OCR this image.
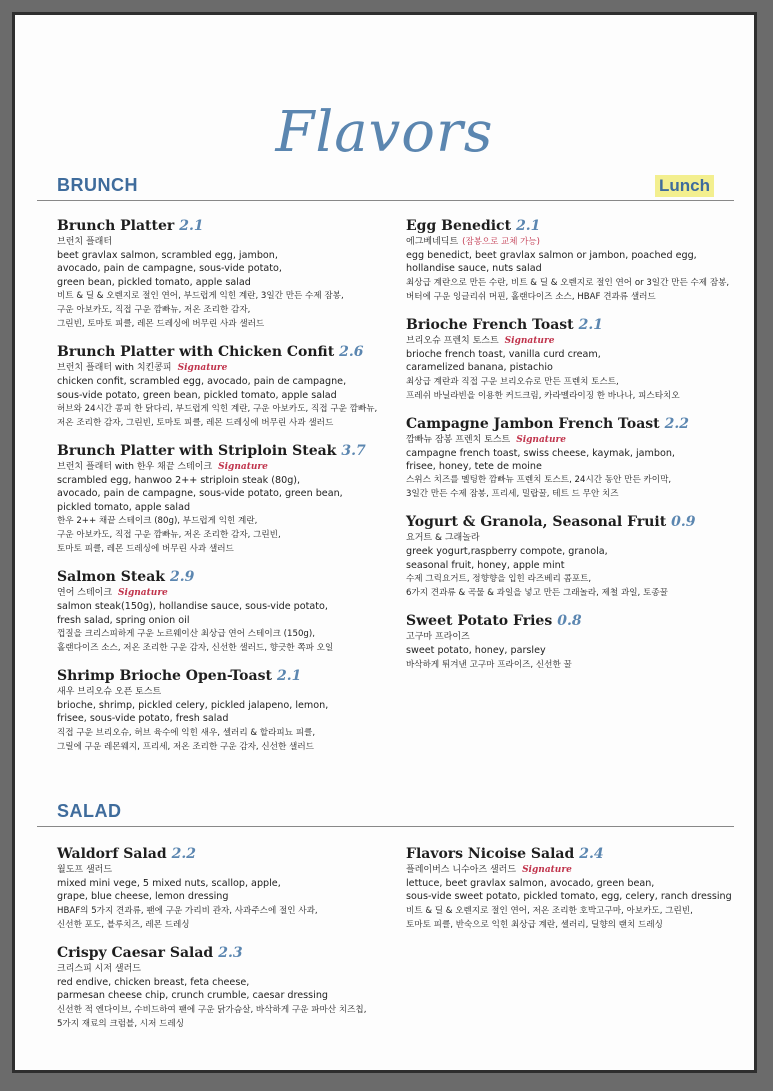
Flavors
BRUNCH	Lunch
Brunch Platter 2.1
브런치 플래터
beet gravlax salmon, scrambled egg, jambon,
avocado, pain de campagne, sous-vide potato,
green bean, pickled tomato, apple salad
비트 & 딜 & 오렌지로 절인 연어, 부드럽게 익힌 계란, 3일간 만든 수제 잠봉,
구운 아보카도, 직접 구운 깜빠뉴, 저온 조리한 감자,
그린빈, 토마토 피클, 레몬 드레싱에 버무린 사과 샐러드
Brunch Platter with Chicken Confit 2.6
브런치 플래터 with 치킨콩피 Signature
chicken confit, scrambled egg, avocado, pain de campagne,
sous-vide potato, green bean, pickled tomato, apple salad
허브와 24시간 콩피 한 닭다리, 부드럽게 익힌 계란, 구운 아보카도, 직접 구운 깜빠뉴,
저온 조리한 감자, 그린빈, 토마토 피클, 레몬 드레싱에 버무린 사과 샐러드
Brunch Platter with Striploin Steak 3.7
브런치 플래터 with 한우 채끝 스테이크 Signature
scrambled egg, hanwoo 2++ striploin steak (80g),
avocado, pain de campagne, sous-vide potato, green bean,
pickled tomato, apple salad
한우 2++ 채끝 스테이크 (80g), 부드럽게 익힌 계란,
구운 아보카도, 직접 구운 깜빠뉴, 저온 조리한 감자, 그린빈,
토마토 피클, 레몬 드레싱에 버무린 사과 샐러드
Salmon Steak 2.9
연어 스테이크 Signature
salmon steak(150g), hollandise sauce, sous-vide potato,
fresh salad, spring onion oil
껍질을 크리스피하게 구운 노르웨이산 최상급 연어 스테이크 (150g),
홀랜다이즈 소스, 저온 조리한 구운 감자, 신선한 샐러드, 향긋한 쪽파 오일
Shrimp Brioche Open-Toast 2.1
새우 브리오슈 오픈 토스트
brioche, shrimp, pickled celery, pickled jalapeno, lemon,
frisee, sous-vide potato, fresh salad
직접 구운 브리오슈, 허브 육수에 익힌 새우, 셀러리 & 할라피뇨 피클,
그릴에 구운 레몬웨지, 프리세, 저온 조리한 구운 감자, 신선한 샐러드
Egg Benedict 2.1
에그베네딕트 (잠봉으로 교체 가능)
egg benedict, beet gravlax salmon or jambon, poached egg,
hollandise sauce, nuts salad
최상급 계란으로 만든 수란, 비트 & 딜 & 오렌지로 절인 연어 or 3일간 만든 수제 잠봉,
버터에 구운 잉글리쉬 머핀, 홀랜다이즈 소스, HBAF 견과류 샐러드
Brioche French Toast 2.1
브리오슈 프렌치 토스트 Signature
brioche french toast, vanilla curd cream,
caramelized banana, pistachio
최상급 계란과 직접 구운 브리오슈로 만든 프렌치 토스트,
프레쉬 바닐라빈을 이용한 커드크림, 카라멜라이징 한 바나나, 피스타치오
Campagne Jambon French Toast 2.2
깜빠뉴 잠봉 프렌치 토스트 Signature
campagne french toast, swiss cheese, kaymak, jambon,
frisee, honey, tete de moine
스위스 치즈를 멜팅한 깜빠뉴 프렌치 토스트, 24시간 동안 만든 카이막,
3일간 만든 수제 잠봉, 프리세, 밀랍꿀, 테트 드 무안 치즈
Yogurt & Granola, Seasonal Fruit 0.9
요거트 & 그래놀라
greek yogurt,raspberry compote, granola,
seasonal fruit, honey, apple mint
수제 그릭요거트, 정향향을 입힌 라즈베리 콤포트,
6가지 견과류 & 곡물 & 과일을 넣고 만든 그래놀라, 제철 과일, 토종꿀
Sweet Potato Fries 0.8
고구마 프라이즈
sweet potato, honey, parsley
바삭하게 튀겨낸 고구마 프라이즈, 신선한 꿀
SALAD
Waldorf Salad 2.2
월도프 샐러드
mixed mini vege, 5 mixed nuts, scallop, apple,
grape, blue cheese, lemon dressing
HBAF의 5가지 견과류, 팬에 구운 가리비 관자, 사과주스에 절인 사과,
신선한 포도, 블루치즈, 레몬 드레싱
Crispy Caesar Salad 2.3
크리스피 시저 샐러드
red endive, chicken breast, feta cheese,
parmesan cheese chip, crunch crumble, caesar dressing
신선한 적 엔다이브, 수비드하여 팬에 구운 닭가슴살, 바삭하게 구운 파마산 치즈칩,
5가지 재료의 크럼블, 시저 드레싱
Flavors Nicoise Salad 2.4
플레이버스 니수아즈 샐러드 Signature
lettuce, beet gravlax salmon, avocado, green bean,
sous-vide sweet potato, pickled tomato, egg, celery, ranch dressing
비트 & 딜 & 오렌지로 절인 연어, 저온 조리한 호박고구마, 아보카도, 그린빈,
토마토 피클, 반숙으로 익힌 최상급 계란, 셀러리, 딜향의 랜치 드레싱
